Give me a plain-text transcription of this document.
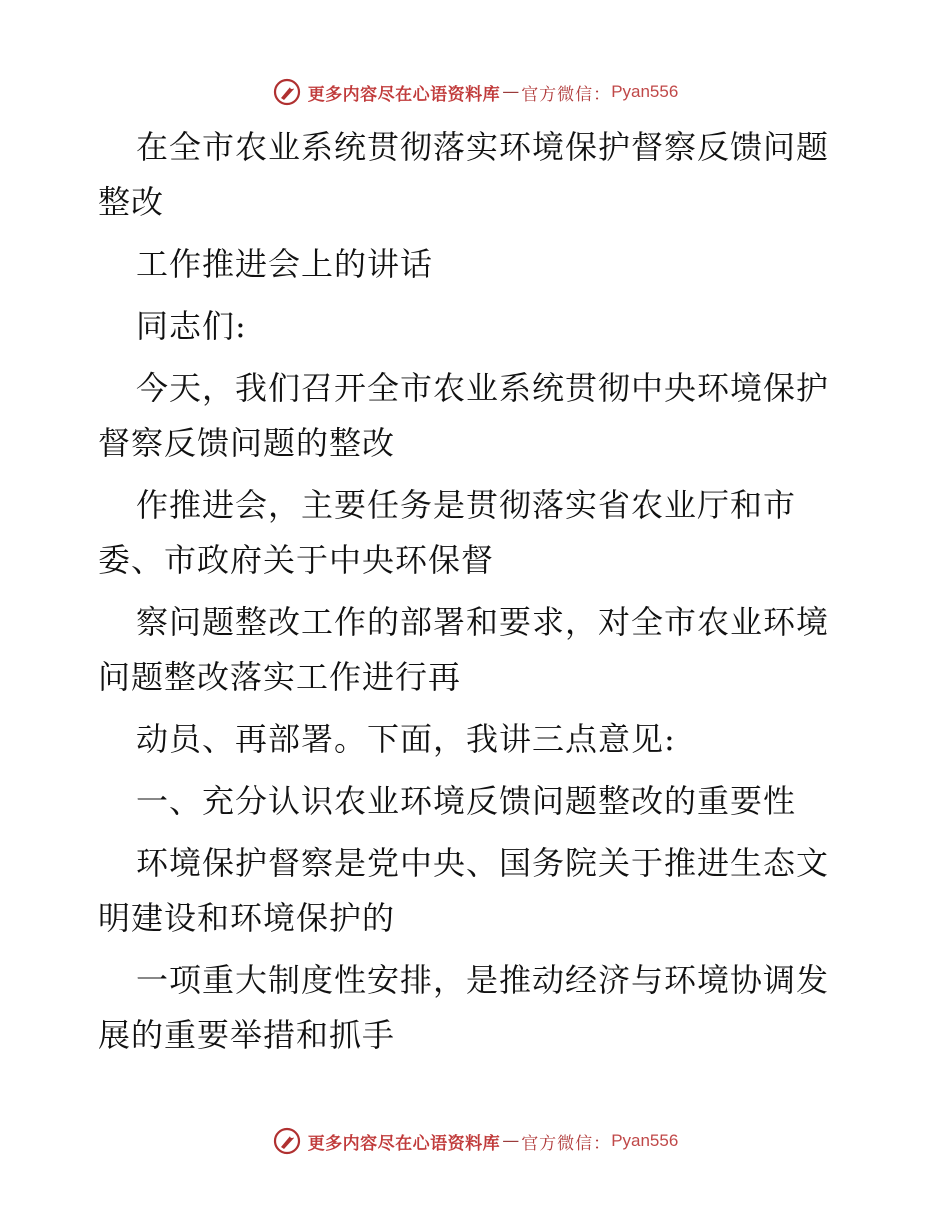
更多内容尽在心语资料库 — 官方微信： Pyan556

在全市农业系统贯彻落实环境保护督察反馈问题整改

工作推进会上的讲话

同志们:

今天，我们召开全市农业系统贯彻中央环境保护督察反馈问题的整改

作推进会，主要任务是贯彻落实省农业厅和市委、市政府关于中央环保督

察问题整改工作的部署和要求，对全市农业环境问题整改落实工作进行再

动员、再部署。下面，我讲三点意见:

一、充分认识农业环境反馈问题整改的重要性

环境保护督察是党中央、国务院关于推进生态文明建设和环境保护的

一项重大制度性安排，是推动经济与环境协调发展的重要举措和抓手

更多内容尽在心语资料库 — 官方微信： Pyan556
